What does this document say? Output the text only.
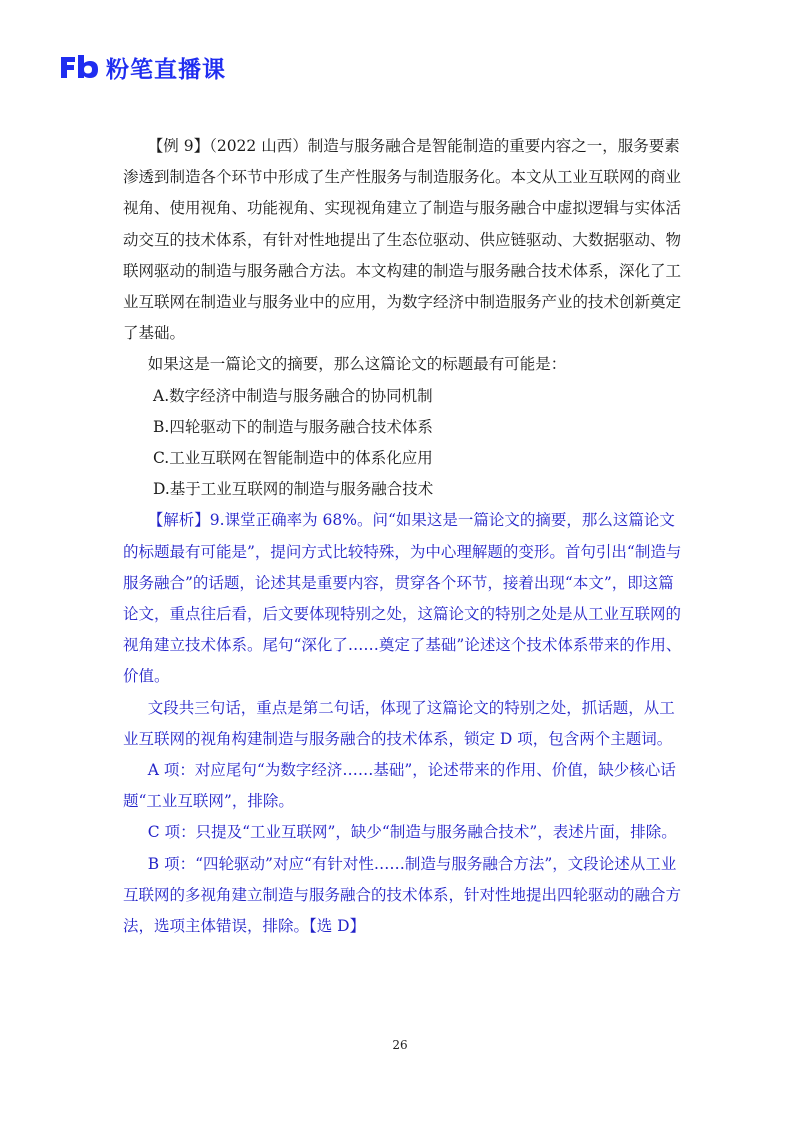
粉笔直播课

【例 9】（2022 山西）制造与服务融合是智能制造的重要内容之一，服务要素渗透到制造各个环节中形成了生产性服务与制造服务化。本文从工业互联网的商业视角、使用视角、功能视角、实现视角建立了制造与服务融合中虚拟逻辑与实体活动交互的技术体系，有针对性地提出了生态位驱动、供应链驱动、大数据驱动、物联网驱动的制造与服务融合方法。本文构建的制造与服务融合技术体系，深化了工业互联网在制造业与服务业中的应用，为数字经济中制造服务产业的技术创新奠定了基础。

如果这是一篇论文的摘要，那么这篇论文的标题最有可能是：

A.数字经济中制造与服务融合的协同机制

B.四轮驱动下的制造与服务融合技术体系

C.工业互联网在智能制造中的体系化应用

D.基于工业互联网的制造与服务融合技术

【解析】9.课堂正确率为 68%。问“如果这是一篇论文的摘要，那么这篇论文的标题最有可能是”，提问方式比较特殊，为中心理解题的变形。首句引出“制造与服务融合”的话题，论述其是重要内容，贯穿各个环节，接着出现“本文”，即这篇论文，重点往后看，后文要体现特别之处，这篇论文的特别之处是从工业互联网的视角建立技术体系。尾句“深化了……奠定了基础”论述这个技术体系带来的作用、价值。

文段共三句话，重点是第二句话，体现了这篇论文的特别之处，抓话题，从工业互联网的视角构建制造与服务融合的技术体系，锁定 D 项，包含两个主题词。

A 项：对应尾句“为数字经济……基础”，论述带来的作用、价值，缺少核心话题“工业互联网”，排除。

C 项：只提及“工业互联网”，缺少“制造与服务融合技术”，表述片面，排除。

B 项：“四轮驱动”对应“有针对性……制造与服务融合方法”，文段论述从工业互联网的多视角建立制造与服务融合的技术体系，针对性地提出四轮驱动的融合方法，选项主体错误，排除。【选 D】

26
